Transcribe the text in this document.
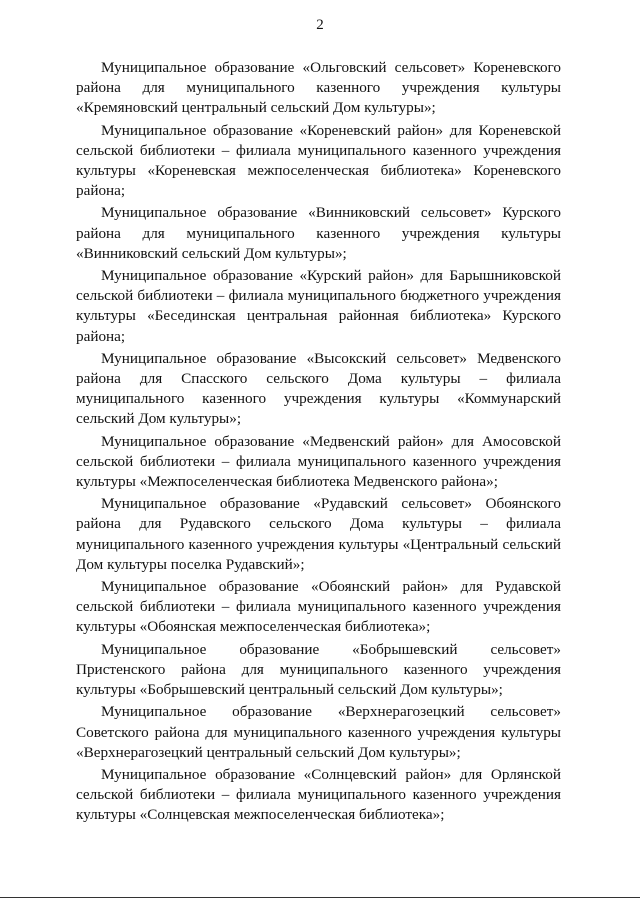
2

Муниципальное образование «Ольговский сельсовет» Кореневского района для муниципального казенного учреждения культуры «Кремяновский центральный сельский Дом культуры»;

Муниципальное образование «Кореневский район» для Кореневской сельской библиотеки – филиала муниципального казенного учреждения культуры «Кореневская межпоселенческая библиотека» Кореневского района;

Муниципальное образование «Винниковский сельсовет» Курского района для муниципального казенного учреждения культуры «Винниковский сельский Дом культуры»;

Муниципальное образование «Курский район» для Барышниковской сельской библиотеки – филиала муниципального бюджетного учреждения культуры «Бесединская центральная районная библиотека» Курского района;

Муниципальное образование «Высокский сельсовет» Медвенского района для Спасского сельского Дома культуры – филиала муниципального казенного учреждения культуры «Коммунарский сельский Дом культуры»;

Муниципальное образование «Медвенский район» для Амосовской сельской библиотеки – филиала муниципального казенного учреждения культуры «Межпоселенческая библиотека Медвенского района»;

Муниципальное образование «Рудавский сельсовет» Обоянского района для Рудавского сельского Дома культуры – филиала муниципального казенного учреждения культуры «Центральный сельский Дом культуры поселка Рудавский»;

Муниципальное образование «Обоянский район» для Рудавской сельской библиотеки – филиала муниципального казенного учреждения культуры «Обоянская межпоселенческая библиотека»;

Муниципальное образование «Бобрышевский сельсовет» Пристенского района для муниципального казенного учреждения культуры «Бобрышевский центральный сельский Дом культуры»;

Муниципальное образование «Верхнерагозецкий сельсовет» Советского района для муниципального казенного учреждения культуры «Верхнерагозецкий центральный сельский Дом культуры»;

Муниципальное образование «Солнцевский район» для Орлянской сельской библиотеки – филиала муниципального казенного учреждения культуры «Солнцевская межпоселенческая библиотека»;
